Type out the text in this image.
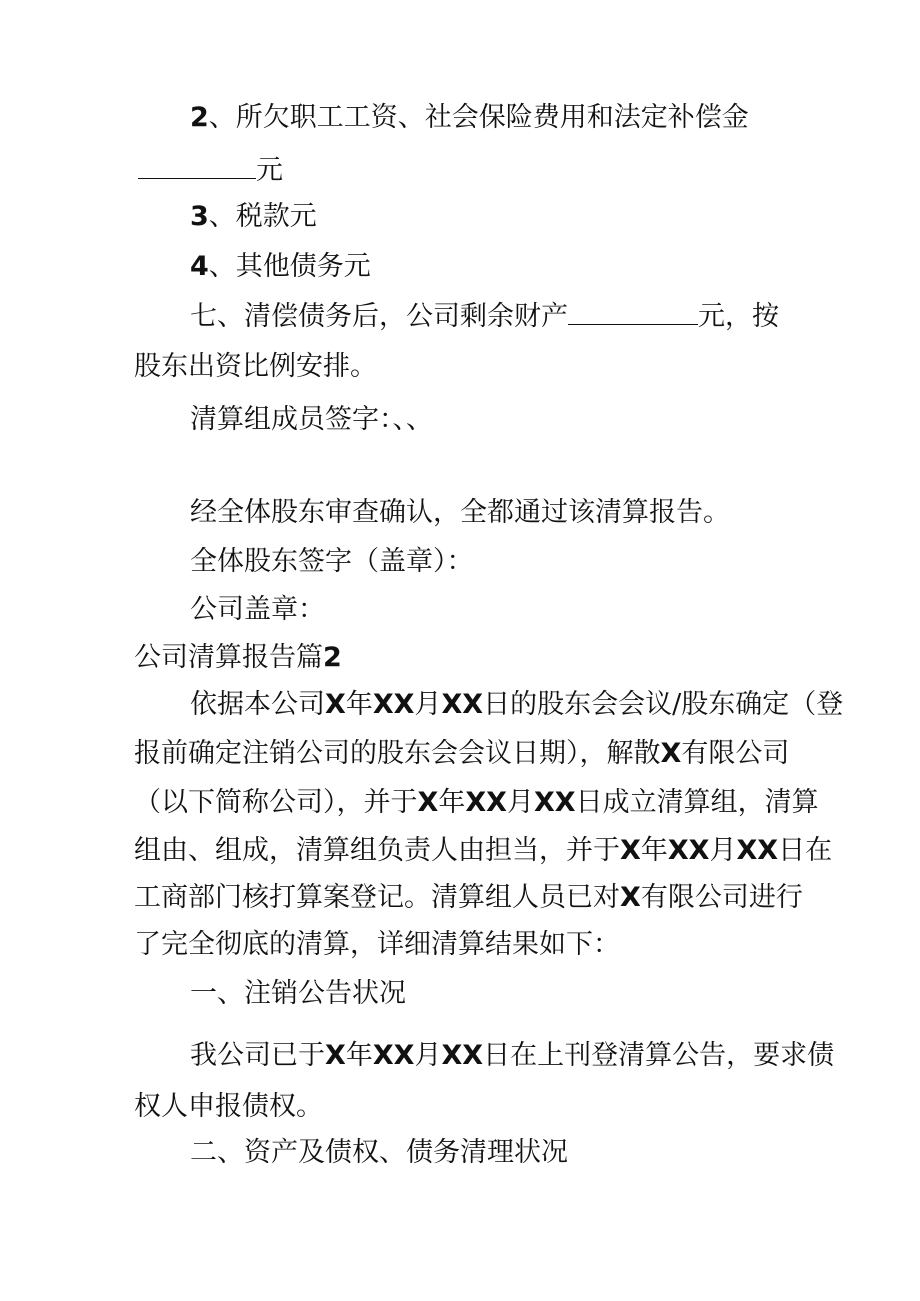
2、所欠职工工资、社会保险费用和法定补偿金
元
3、税款元
4、其他债务元
七、清偿债务后，公司剩余财产	元，按
股东出资比例安排。
清算组成员签字：、、
经全体股东审查确认，全都通过该清算报告。
全体股东签字（盖章）：
公司盖章：
公司清算报告篇2
依据本公司X年XX月XX日的股东会会议/股东确定（登
报前确定注销公司的股东会会议日期），解散X有限公司
（以下简称公司），并于X年XX月XX日成立清算组，清算
组由、组成，清算组负责人由担当，并于X年XX月XX日在
工商部门核打算案登记。清算组人员已对X有限公司进行
了完全彻底的清算，详细清算结果如下：
一、注销公告状况
我公司已于X年XX月XX日在上刊登清算公告，要求债
权人申报债权。
二、资产及债权、债务清理状况
